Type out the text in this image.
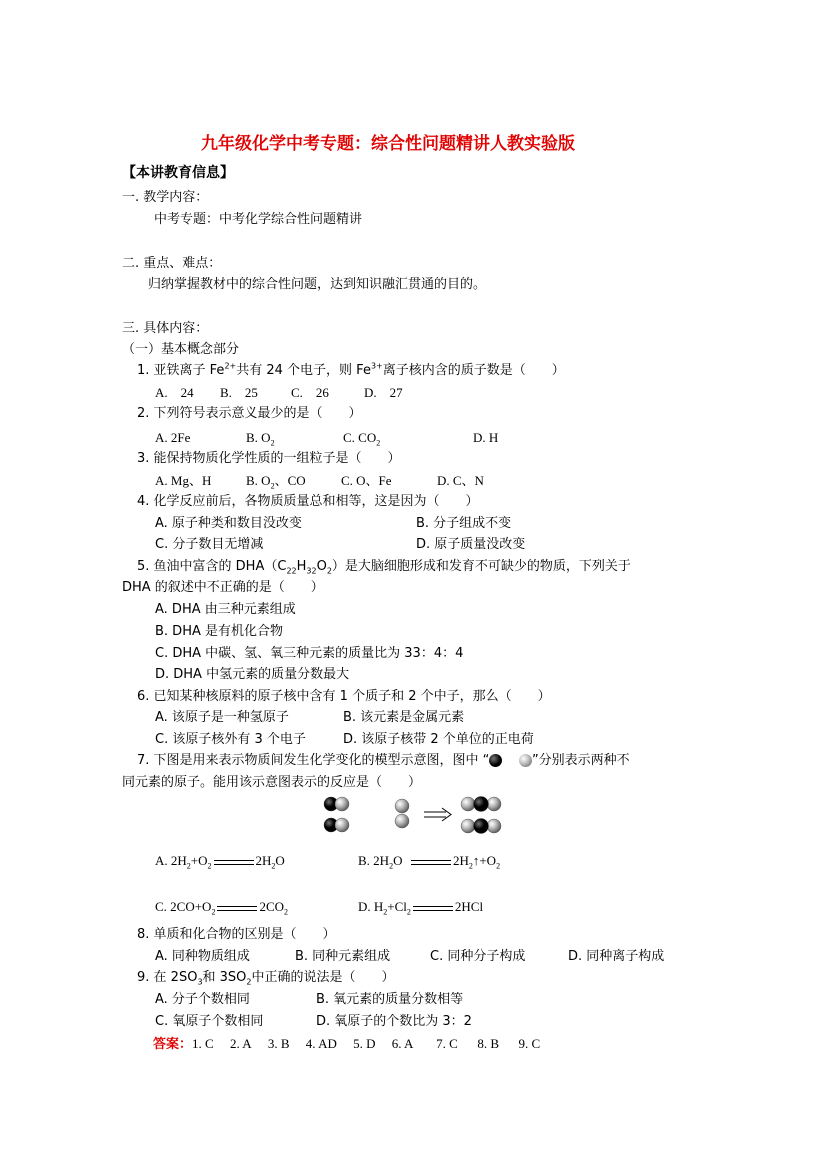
九年级化学中考专题：综合性问题精讲人教实验版
【本讲教育信息】
一. 教学内容：
中考专题：中考化学综合性问题精讲
二. 重点、难点：
归纳掌握教材中的综合性问题，达到知识融汇贯通的目的。
三. 具体内容：
（一）基本概念部分
1. 亚铁离子 $Fe^{2+}$共有 24 个电子，则 $Fe^{3+}$离子核内含的质子数是（　　）
A.　24 B.　25	C.　26	D.　27
2. 下列符号表示意义最少的是（　　）
A. 2Fe	B. $O_2$	C. $CO_2$	D. H
3. 能保持物质化学性质的一组粒子是（　　）
A. Mg、H	B. $O_2$、CO	C. O、Fe	D. C、N
4. 化学反应前后，各物质质量总和相等，这是因为（　　）
A. 原子种类和数目没改变	B. 分子组成不变
C. 分子数目无增减	D. 原子质量没改变
5. 鱼油中富含的 $DHA(C_{22}H_{32}O_2)$是大脑细胞形成和发育不可缺少的物质，下列关于
DHA 的叙述中不正确的是（　　）
A. DHA 由三种元素组成
B. DHA 是有机化合物
C. DHA 中碳、氢、氧三种元素的质量比为 33：4：4
D. DHA 中氢元素的质量分数最大
6. 已知某种核原料的原子核中含有 1 个质子和 2 个中子，那么（　　）
A. 该原子是一种氢原子	B. 该元素是金属元素
C. 该原子核外有 3 个电子	D. 该原子核带 2 个单位的正电荷
7. 下图是用来表示物质间发生化学变化的模型示意图，图中 “	”分别表示两种不
同元素的原子。能用该示意图表示的反应是（　　）
A. $2H_2+O_2$	$2H_2O$	B. $2H_2O$	$2H_2↑+O_2$
C. $2CO+O_2$	$2CO_2$	D. $H_2+Cl_2$	2HCl
8. 单质和化合物的区别是（　　）
A. 同种物质组成	B. 同种元素组成	C. 同种分子构成	D. 同种离子构成
9. 在 $2SO_3$和 $3SO_2$中正确的说法是（　　）
A. 分子个数相同	B. 氧元素的质量分数相等
C. 氧原子个数相同	D. 氧原子的个数比为 3：2
答案：1. C 2. A 3. B 4. AD 5. D 6. A 7. C 8. B 9. C
